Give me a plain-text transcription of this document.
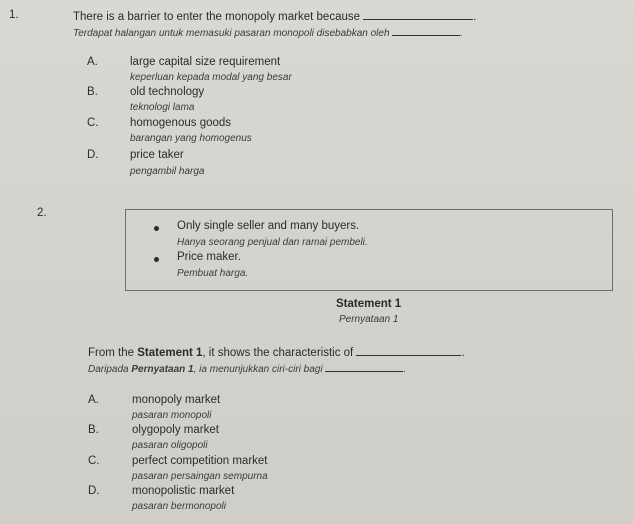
1.	There is a barrier to enter the monopoly market because	.
Terdapat halangan untuk memasuki pasaran monopoli disebabkan oleh	.
A.	large capital size requirement
keperluan kepada modal yang besar
B.	old technology
teknologi lama
C.	homogenous goods
barangan yang homogenus
D.	price taker
pengambil harga
2.
Only single seller and many buyers.
Hanya seorang penjual dan ramai pembeli.
Price maker.
Pembuat harga.
Statement 1
Pernyataan 1
From the Statement 1, it shows the characteristic of	.
Daripada Pernyataan 1, ia menunjukkan ciri-ciri bagi	.
A.	monopoly market
pasaran monopoli
B.	olygopoly market
pasaran oligopoli
C.	perfect competition market
pasaran persaingan sempurna
D.	monopolistic market
pasaran bermonopoli
